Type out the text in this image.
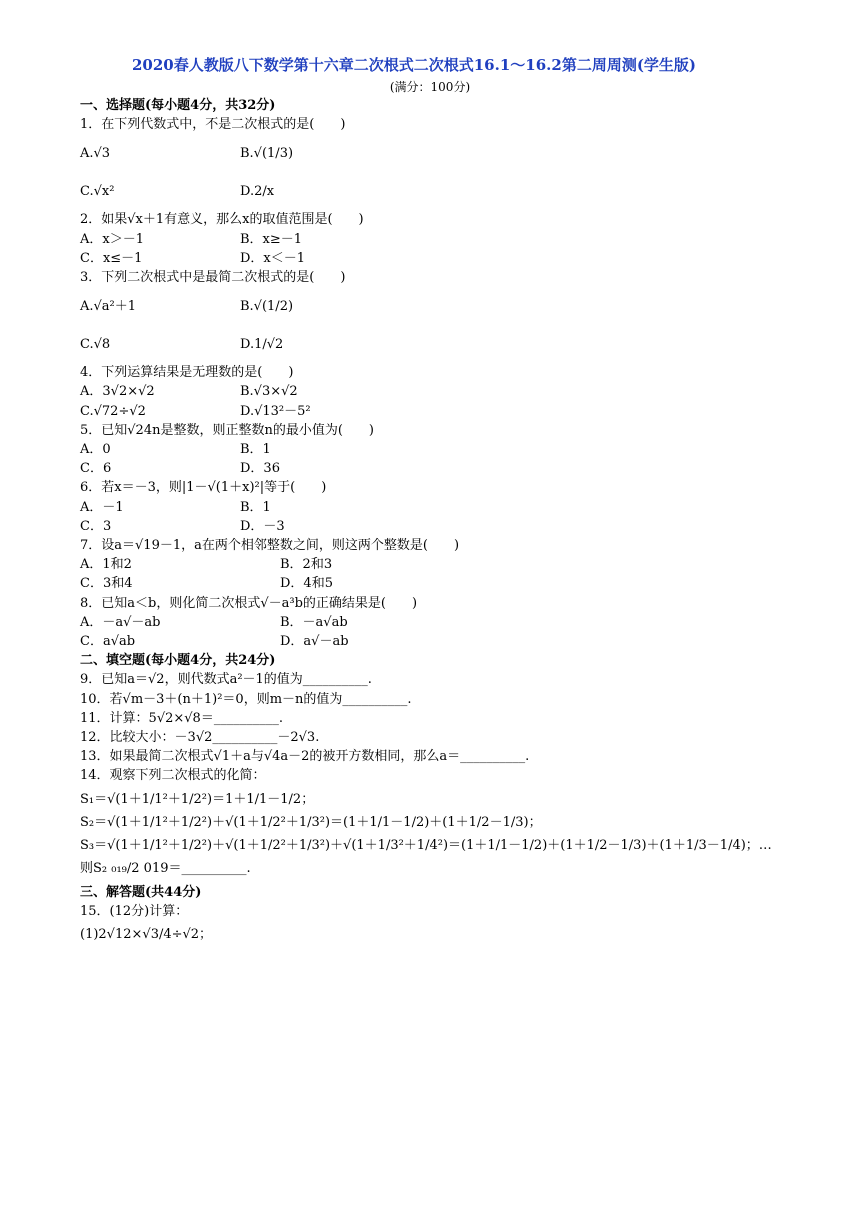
2020春人教版八下数学第十六章二次根式二次根式16.1～16.2第二周周测(学生版)
(满分：100分)
一、选择题(每小题4分，共32分)
1．在下列代数式中，不是二次根式的是(　　)
A.√3	B.√(1/3)
C.√x²	D.2/x
2．如果√x＋1有意义，那么x的取值范围是(　　)
A．x＞－1	B．x≥－1
C．x≤－1	D．x＜－1
3．下列二次根式中是最简二次根式的是(　　)
A.√a²＋1	B.√(1/2)
C.√8	D.1/√2
4．下列运算结果是无理数的是(　　)
A．3√2×√2	B.√3×√2
C.√72÷√2	D.√13²－5²
5．已知√24n是整数，则正整数n的最小值为(　　)
A．0	B．1
C．6	D．36
6．若x＝－3，则|1－√(1＋x)²|等于(　　)
A．－1	B．1
C．3	D．－3
7．设a＝√19－1，a在两个相邻整数之间，则这两个整数是(　　)
A．1和2	B．2和3
C．3和4	D．4和5
8．已知a＜b，则化简二次根式√－a³b的正确结果是(　　)
A．－a√－ab	B．－a√ab
C．a√ab	D．a√－ab
二、填空题(每小题4分，共24分)
9．已知a＝√2，则代数式a²－1的值为__________.
10．若√m－3＋(n＋1)²＝0，则m－n的值为__________.
11．计算：5√2×√8＝__________.
12．比较大小：－3√2__________－2√3.
13．如果最简二次根式√1＋a与√4a－2的被开方数相同，那么a＝__________.
14．观察下列二次根式的化简：
S₁＝√(1＋1/1²＋1/2²)＝1＋1/1－1/2；
S₂＝√(1＋1/1²＋1/2²)＋√(1＋1/2²＋1/3²)＝(1＋1/1－1/2)＋(1＋1/2－1/3)；
S₃＝√(1＋1/1²＋1/2²)＋√(1＋1/2²＋1/3²)＋√(1＋1/3²＋1/4²)＝(1＋1/1－1/2)＋(1＋1/2－1/3)＋(1＋1/3－1/4)；…
则S₂ ₀₁₉/2 019＝__________.
三、解答题(共44分)
15．(12分)计算：
(1)2√12×√3/4÷√2；
